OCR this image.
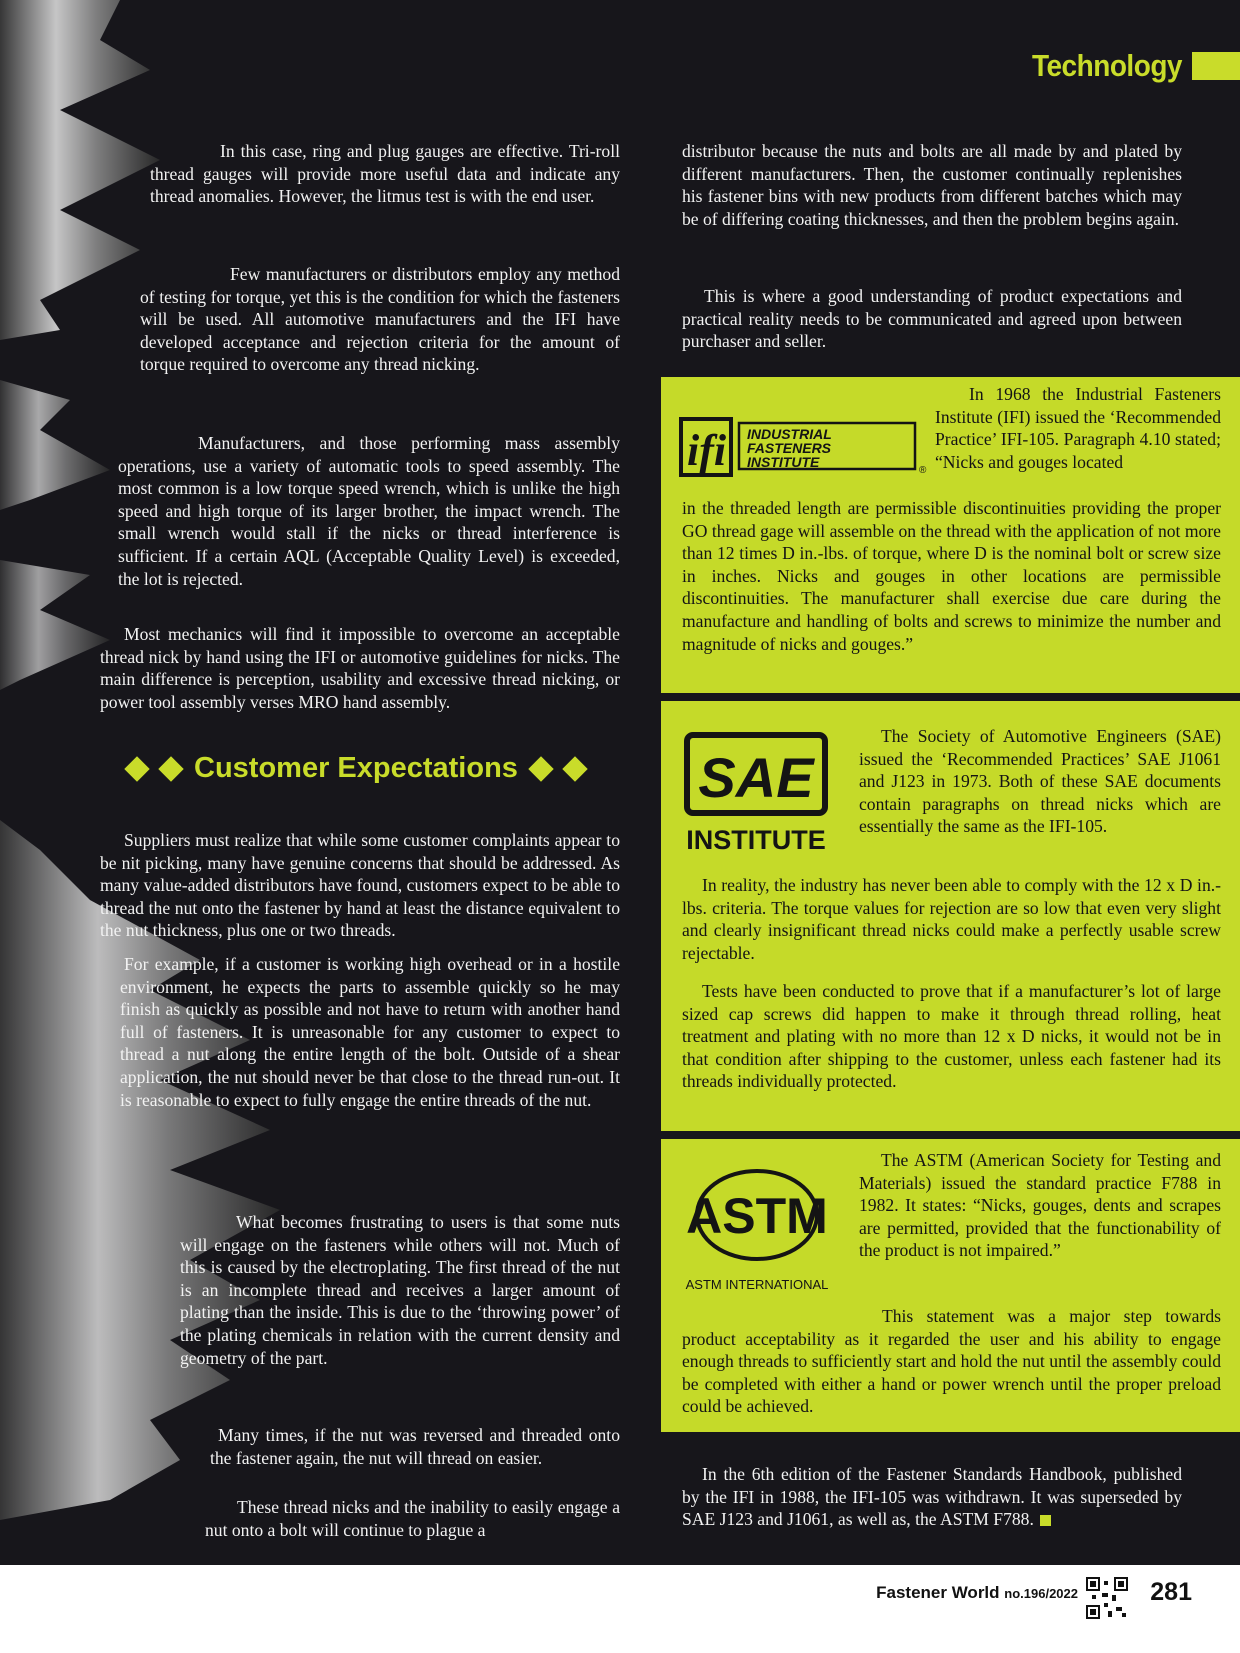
Technology

In this case, ring and plug gauges are effective. Tri-roll thread gauges will provide more useful data and indicate any thread anomalies. However, the litmus test is with the end user.

Few manufacturers or distributors employ any method of testing for torque, yet this is the condition for which the fasteners will be used. All automotive manufacturers and the IFI have developed acceptance and rejection criteria for the amount of torque required to overcome any thread nicking.

Manufacturers, and those performing mass assembly operations, use a variety of automatic tools to speed assembly. The most common is a low torque speed wrench, which is unlike the high speed and high torque of its larger brother, the impact wrench. The small wrench would stall if the nicks or thread interference is sufficient. If a certain AQL (Acceptable Quality Level) is exceeded, the lot is rejected.

Most mechanics will find it impossible to overcome an acceptable thread nick by hand using the IFI or automotive guidelines for nicks. The main difference is perception, usability and excessive thread nicking, or power tool assembly verses MRO hand assembly.

Customer Expectations

Suppliers must realize that while some customer complaints appear to be nit picking, many have genuine concerns that should be addressed. As many value-added distributors have found, customers expect to be able to thread the nut onto the fastener by hand at least the distance equivalent to the nut thickness, plus one or two threads.

For example, if a customer is working high overhead or in a hostile environment, he expects the parts to assemble quickly so he may finish as quickly as possible and not have to return with another hand full of fasteners. It is unreasonable for any customer to expect to thread a nut along the entire length of the bolt. Outside of a shear application, the nut should never be that close to the thread run-out. It is reasonable to expect to fully engage the entire threads of the nut.

What becomes frustrating to users is that some nuts will engage on the fasteners while others will not. Much of this is caused by the electroplating. The first thread of the nut is an incomplete thread and receives a larger amount of plating than the inside. This is due to the ‘throwing power’ of the plating chemicals in relation with the current density and geometry of the part.

Many times, if the nut was reversed and threaded onto the fastener again, the nut will thread on easier.

These thread nicks and the inability to easily engage a nut onto a bolt will continue to plague a

distributor because the nuts and bolts are all made by and plated by different manufacturers. Then, the customer continually replenishes his fastener bins with new products from different batches which may be of differing coating thicknesses, and then the problem begins again.

This is where a good understanding of product expectations and practical reality needs to be communicated and agreed upon between purchaser and seller.

ifi INDUSTRIAL
FASTENERS
INSTITUTE
®

In 1968 the Industrial Fasteners Institute (IFI) issued the ‘Recommended Practice’ IFI-105. Paragraph 4.10 stated; “Nicks and gouges located

in the threaded length are permissible discontinuities providing the proper GO thread gage will assemble on the thread with the application of not more than 12 times D in.-lbs. of torque, where D is the nominal bolt or screw size in inches. Nicks and gouges in other locations are permissible discontinuities. The manufacturer shall exercise due care during the manufacture and handling of bolts and screws to minimize the number and magnitude of nicks and gouges.”

SAE
INSTITUTE

The Society of Automotive Engineers (SAE) issued the ‘Recommended Practices’ SAE J1061 and J123 in 1973. Both of these SAE documents contain paragraphs on thread nicks which are essentially the same as the IFI-105.

In reality, the industry has never been able to comply with the 12 x D in.-lbs. criteria. The torque values for rejection are so low that even very slight and clearly insignificant thread nicks could make a perfectly usable screw rejectable.

Tests have been conducted to prove that if a manufacturer’s lot of large sized cap screws did happen to make it through thread rolling, heat treatment and plating with no more than 12 x D nicks, it would not be in that condition after shipping to the customer, unless each fastener had its threads individually protected.

ASTM
ASTM INTERNATIONAL

The ASTM (American Society for Testing and Materials) issued the standard practice F788 in 1982. It states: “Nicks, gouges, dents and scrapes are permitted, provided that the functionability of the product is not impaired.”

This statement was a major step towards product acceptability as it regarded the user and his ability to engage enough threads to sufficiently start and hold the nut until the assembly could be completed with either a hand or power wrench until the proper preload could be achieved.

In the 6th edition of the Fastener Standards Handbook, published by the IFI in 1988, the IFI-105 was withdrawn. It was superseded by SAE J123 and J1061, as well as, the ASTM F788.

Fastener World no.196/2022	281
